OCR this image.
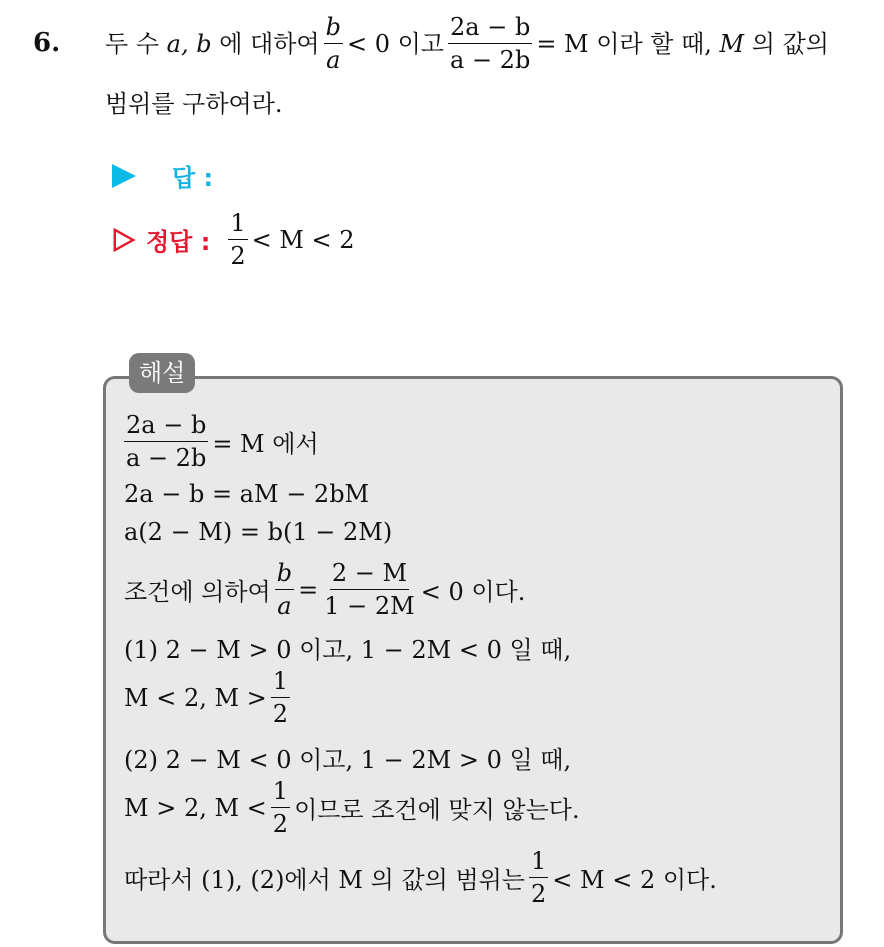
6. 두 수
a, b
에 대하여 $\frac{b}{a} < 0$
이고 $\frac{2a - b}{a - 2b} = M$
이라 할 때,
M
의 값의
범위를 구하여라.
답 :
정답 : $\frac{1}{2} < M < 2$
해설
$\frac{2a - b}{a - 2b} = M$ 에서
2a − b = aM − 2bM
a(2 − M) = b(1 − 2M)
조건에 의하여 $\frac{b}{a} = \frac{2 - M}{1 - 2M} < 0$ 이다.
(1) 2 − M > 0 이고, 1 − 2M < 0 일 때,
M < 2, $M > \frac{1}{2}$
(2) 2 − M < 0 이고, 1 − 2M > 0 일 때,
M > 2, $M < \frac{1}{2}$ 이므로 조건에 맞지 않는다.
따라서 (1), (2)에서 M 의 값의 범위는 $\frac{1}{2} < M < 2$ 이다.
